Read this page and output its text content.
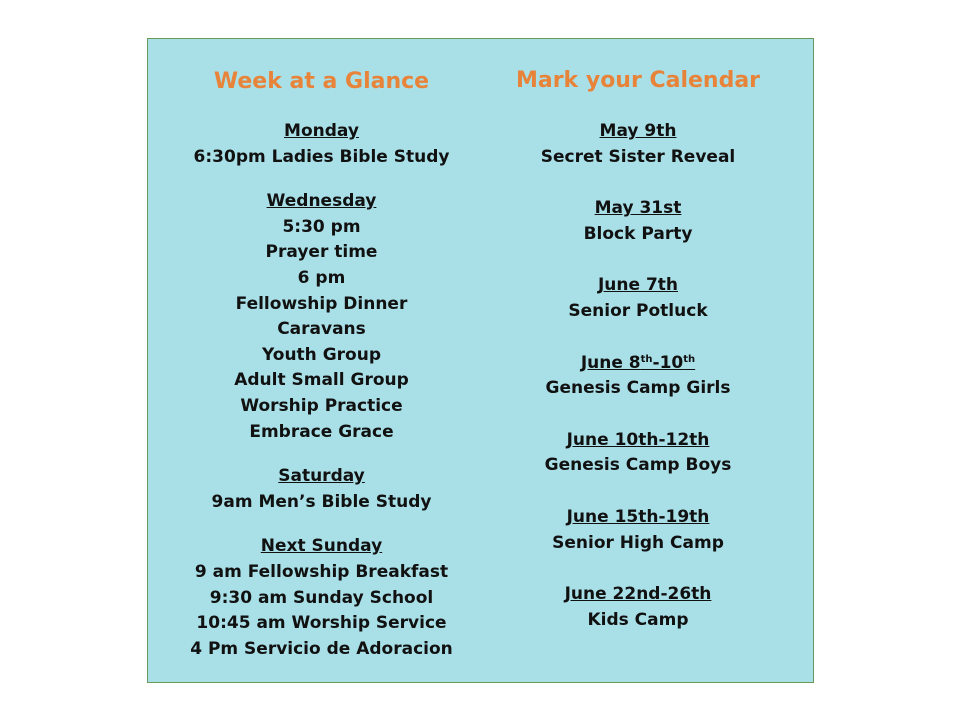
Week at a Glance
Monday
6:30pm Ladies Bible Study
Wednesday
5:30 pm
Prayer time
6 pm
Fellowship Dinner
Caravans
Youth Group
Adult Small Group
Worship Practice
Embrace Grace
Saturday
9am Men’s Bible Study
Next Sunday
9 am Fellowship Breakfast
9:30 am Sunday School
10:45 am Worship Service
4 Pm Servicio de Adoracion
Mark your Calendar
May 9th
Secret Sister Reveal
May 31st
Block Party
June 7th
Senior Potluck
June 8th-10th
Genesis Camp Girls
June 10th-12th
Genesis Camp Boys
June 15th-19th
Senior High Camp
June 22nd-26th
Kids Camp
